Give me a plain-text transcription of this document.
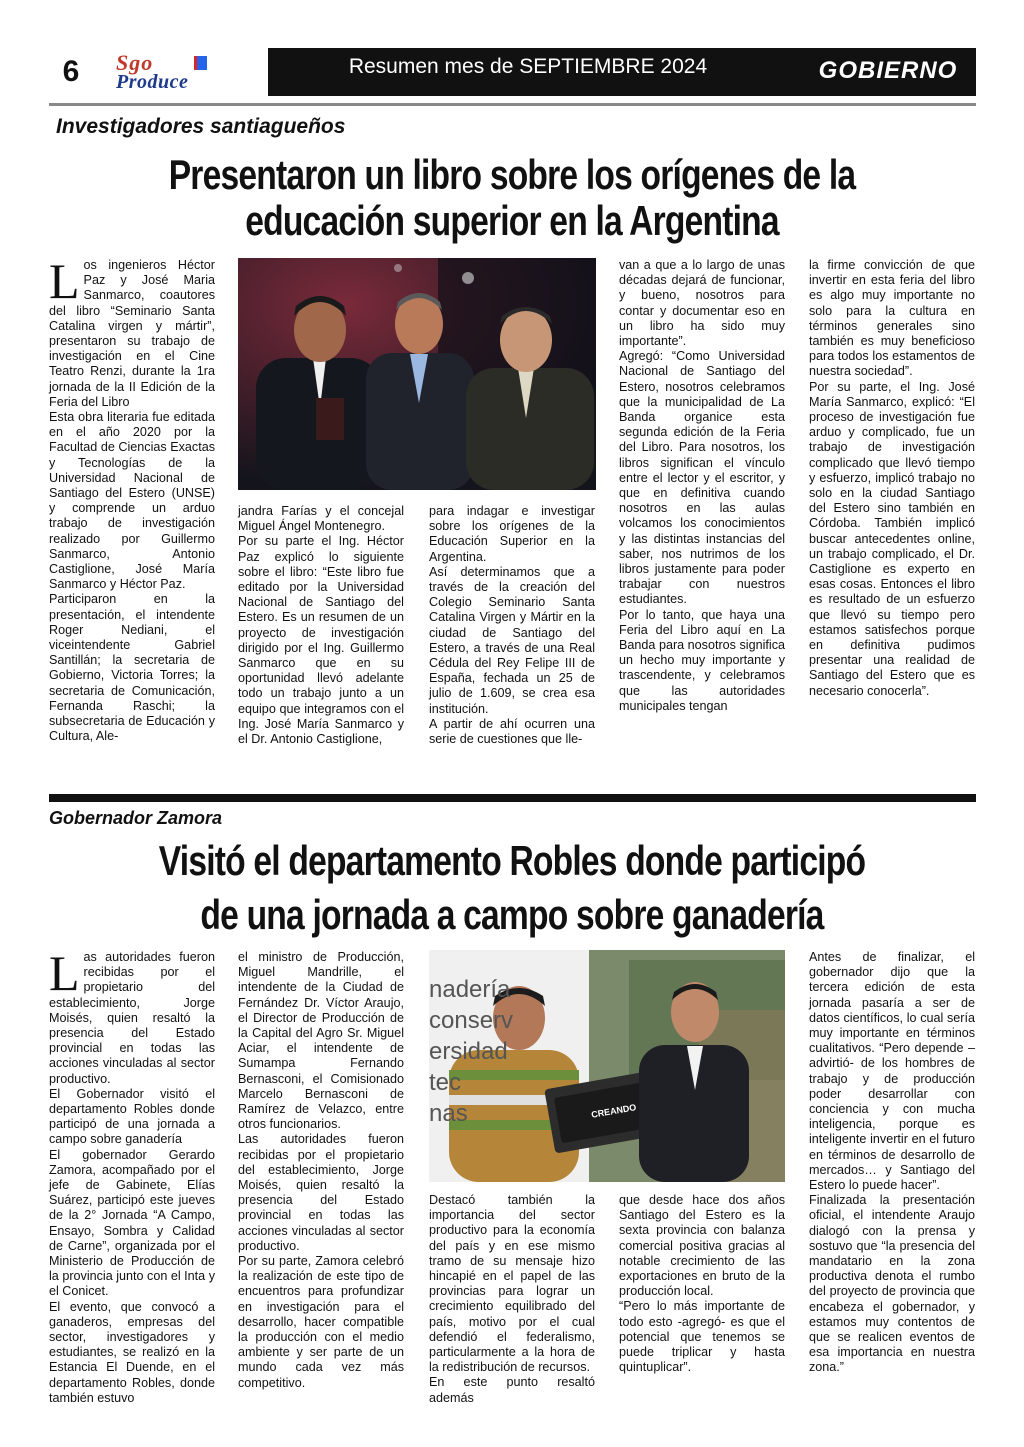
6	Sgo
Produce
Resumen mes de SEPTIEMBRE 2024	GOBIERNO
Investigadores santiagueños
Presentaron un libro sobre los orígenes de la
educación superior en la Argentina
L os ingenieros Héctor Paz y José Maria Sanmarco, coautores del libro “Seminario Santa Catalina virgen y mártir”, presentaron su trabajo de investigación en el Cine Teatro Renzi, durante la 1ra jornada de la II Edición de la Feria del Libro
Esta obra literaria fue editada en el año 2020 por la Facultad de Ciencias Exactas y Tecnologías de la Universidad Nacional de Santiago del Estero (UNSE) y comprende un arduo trabajo de investigación realizado por Guillermo Sanmarco, Antonio Castiglione, José María Sanmarco y Héctor Paz.
Participaron en la presentación, el intendente Roger Nediani, el viceintendente Gabriel Santillán; la secretaria de Gobierno, Victoria Torres; la secretaria de Comunicación, Fernanda Raschi; la subsecretaria de Educación y Cultura, Ale-

jandra Farías y el concejal Miguel Ángel Montenegro.
Por su parte el Ing. Héctor Paz explicó lo siguiente sobre el libro: “Este libro fue editado por la Universidad Nacional de Santiago del Estero. Es un resumen de un proyecto de investigación dirigido por el Ing. Guillermo Sanmarco que en su oportunidad llevó adelante todo un trabajo junto a un equipo que integramos con el Ing. José María Sanmarco y el Dr. Antonio Castiglione,

para indagar e investigar sobre los orígenes de la Educación Superior en la Argentina.
Así determinamos que a través de la creación del Colegio Seminario Santa Catalina Virgen y Mártir en la ciudad de Santiago del Estero, a través de una Real Cédula del Rey Felipe III de España, fechada un 25 de julio de 1.609, se crea esa institución.
A partir de ahí ocurren una serie de cuestiones que lle-

van a que a lo largo de unas décadas dejará de funcionar, y bueno, nosotros para contar y documentar eso en un libro ha sido muy importante”.
Agregó: “Como Universidad Nacional de Santiago del Estero, nosotros celebramos que la municipalidad de La Banda organice esta segunda edición de la Feria del Libro. Para nosotros, los libros significan el vínculo entre el lector y el escritor, y que en definitiva cuando nosotros en las aulas volcamos los conocimientos y las distintas instancias del saber, nos nutrimos de los libros justamente para poder trabajar con nuestros estudiantes.
Por lo tanto, que haya una Feria del Libro aquí en La Banda para nosotros significa un hecho muy importante y trascendente, y celebramos que las autoridades municipales tengan

la firme convicción de que invertir en esta feria del libro es algo muy importante no solo para la cultura en términos generales sino también es muy beneficioso para todos los estamentos de nuestra sociedad”.
Por su parte, el Ing. José María Sanmarco, explicó: “El proceso de investigación fue arduo y complicado, fue un trabajo de investigación complicado que llevó tiempo y esfuerzo, implicó trabajo no solo en la ciudad Santiago del Estero sino también en Córdoba. También implicó buscar antecedentes online, un trabajo complicado, el Dr. Castiglione es experto en esas cosas. Entonces el libro es resultado de un esfuerzo que llevó su tiempo pero estamos satisfechos porque en definitiva pudimos presentar una realidad de Santiago del Estero que es necesario conocerla”.

Gobernador Zamora
Visitó el departamento Robles donde participó
de una jornada a campo sobre ganadería
L as autoridades fueron recibidas por el propietario del establecimiento, Jorge Moisés, quien resaltó la presencia del Estado provincial en todas las acciones vinculadas al sector productivo.
El Gobernador visitó el departamento Robles donde participó de una jornada a campo sobre ganadería
El gobernador Gerardo Zamora, acompañado por el jefe de Gabinete, Elías Suárez, participó este jueves de la 2° Jornada “A Campo, Ensayo, Sombra y Calidad de Carne”, organizada por el Ministerio de Producción de la provincia junto con el Inta y el Conicet.
El evento, que convocó a ganaderos, empresas del sector, investigadores y estudiantes, se realizó en la Estancia El Duende, en el departamento Robles, donde también estuvo

el ministro de Producción, Miguel Mandrille, el intendente de la Ciudad de Fernández Dr. Víctor Araujo, el Director de Producción de la Capital del Agro Sr. Miguel Aciar, el intendente de Sumampa Fernando Bernasconi, el Comisionado Marcelo Bernasconi de Ramírez de Velazco, entre otros funcionarios.
Las autoridades fueron recibidas por el propietario del establecimiento, Jorge Moisés, quien resaltó la presencia del Estado provincial en todas las acciones vinculadas al sector productivo.
Por su parte, Zamora celebró la realización de este tipo de encuentros para profundizar en investigación para el desarrollo, hacer compatible la producción con el medio ambiente y ser parte de un mundo cada vez más competitivo.

nadería
conserv
ersidad
tec
nas	CREANDO

Destacó también la importancia del sector productivo para la economía del país y en ese mismo tramo de su mensaje hizo hincapié en el papel de las provincias para lograr un crecimiento equilibrado del país, motivo por el cual defendió el federalismo, particularmente a la hora de la redistribución de recursos.
En este punto resaltó además

que desde hace dos años Santiago del Estero es la sexta provincia con balanza comercial positiva gracias al notable crecimiento de las exportaciones en bruto de la producción local.
“Pero lo más importante de todo esto -agregó- es que el potencial que tenemos se puede triplicar y hasta quintuplicar”.

Antes de finalizar, el gobernador dijo que la tercera edición de esta jornada pasaría a ser de datos científicos, lo cual sería muy importante en términos cualitativos. “Pero depende –advirtió- de los hombres de trabajo y de producción poder desarrollar con conciencia y con mucha inteligencia, porque es inteligente invertir en el futuro en términos de desarrollo de mercados… y Santiago del Estero lo puede hacer”.
Finalizada la presentación oficial, el intendente Araujo dialogó con la prensa y sostuvo que “la presencia del mandatario en la zona productiva denota el rumbo del proyecto de provincia que encabeza el gobernador, y estamos muy contentos de que se realicen eventos de esa importancia en nuestra zona.”
